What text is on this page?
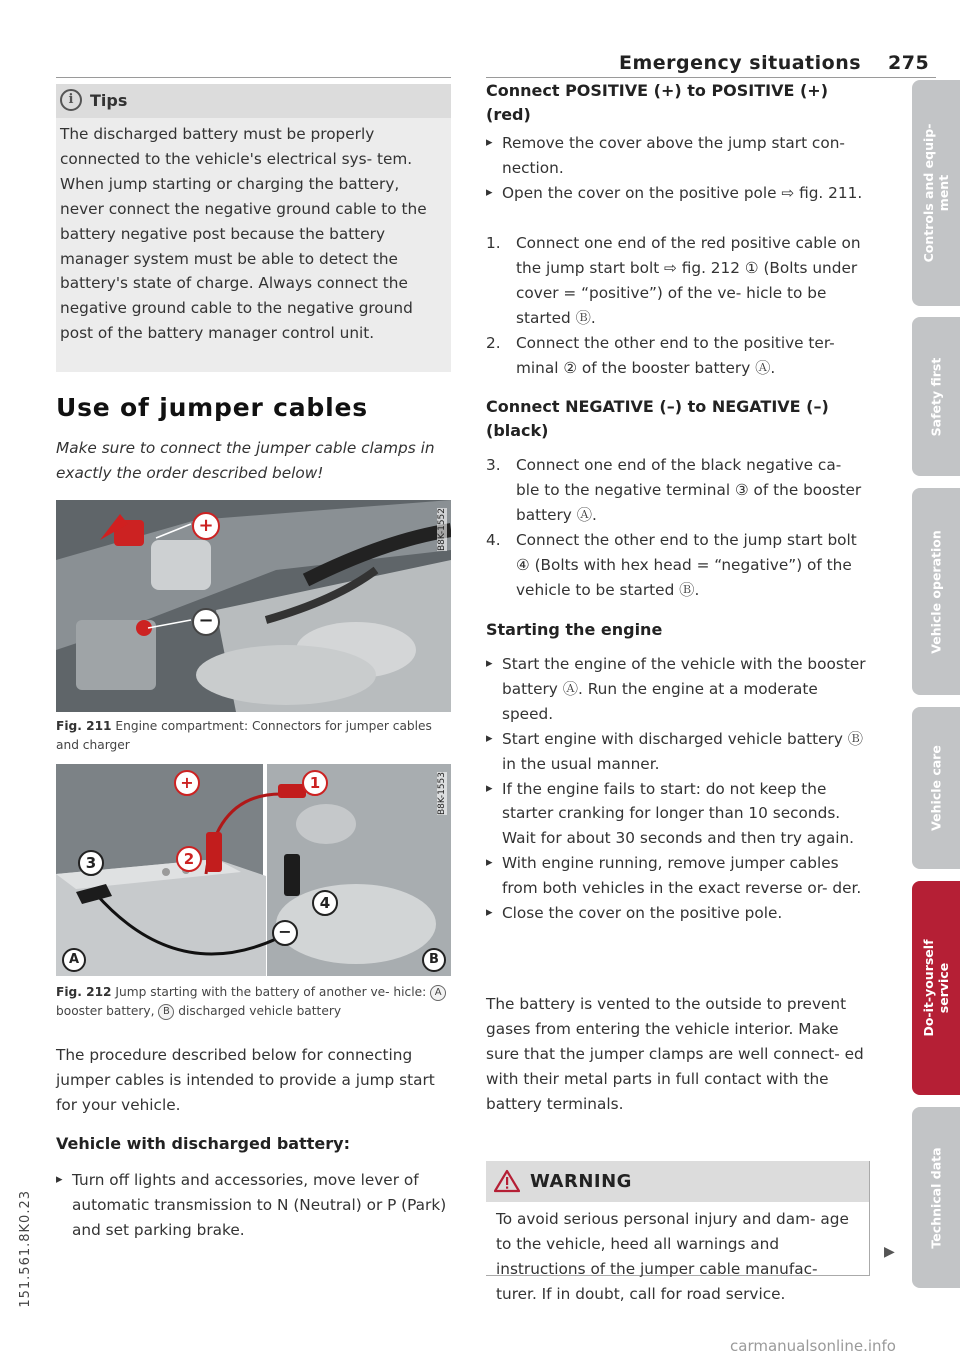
Emergency situations 275
i	Tips
The discharged battery must be properly connected to the vehicle's electrical sys- tem. When jump starting or charging the battery, never connect the negative ground cable to the battery negative post because the battery manager system must be able to detect the battery's state of charge. Always connect the negative ground cable to the negative ground post of the battery manager control unit.
Use of jumper cables
Make sure to connect the jumper cable clamps in exactly the order described below!
+
−
B8K-1552
Fig. 211 Engine compartment: Connectors for jumper cables and charger
+	1
2
3
4
−
A	B
B8K-1553
Fig. 212 Jump starting with the battery of another ve- hicle: A booster battery, B discharged vehicle battery
The procedure described below for connecting jumper cables is intended to provide a jump start for your vehicle.
Vehicle with discharged battery:
▸ Turn off lights and accessories, move lever of automatic transmission to N (Neutral) or P (Park) and set parking brake.
Connect POSITIVE (+) to POSITIVE (+) (red)
▸ Remove the cover above the jump start con- nection.
▸ Open the cover on the positive pole ⇨ fig. 211.
1. Connect one end of the red positive cable on the jump start bolt ⇨ fig. 212 ① (Bolts under cover = “positive”) of the ve- hicle to be started Ⓑ.
2. Connect the other end to the positive ter- minal ② of the booster battery Ⓐ.
Connect NEGATIVE (–) to NEGATIVE (–) (black)
3. Connect one end of the black negative ca- ble to the negative terminal ③ of the booster battery Ⓐ.
4. Connect the other end to the jump start bolt ④ (Bolts with hex head = “negative”) of the vehicle to be started Ⓑ.
Starting the engine
▸ Start the engine of the vehicle with the booster battery Ⓐ. Run the engine at a moderate speed.
▸ Start engine with discharged vehicle battery Ⓑ in the usual manner.
▸ If the engine fails to start: do not keep the starter cranking for longer than 10 seconds. Wait for about 30 seconds and then try again.
▸ With engine running, remove jumper cables from both vehicles in the exact reverse or- der.
▸ Close the cover on the positive pole.
The battery is vented to the outside to prevent gases from entering the vehicle interior. Make sure that the jumper clamps are well connect- ed with their metal parts in full contact with the battery terminals.
WARNING
To avoid serious personal injury and dam- age to the vehicle, heed all warnings and instructions of the jumper cable manufac- turer. If in doubt, call for road service.
▶
Controls and equip- ment
Safety first
Vehicle operation
Vehicle care
Do-it-yourself service
Technical data
151.561.8K0.23
carmanualsonline.info
